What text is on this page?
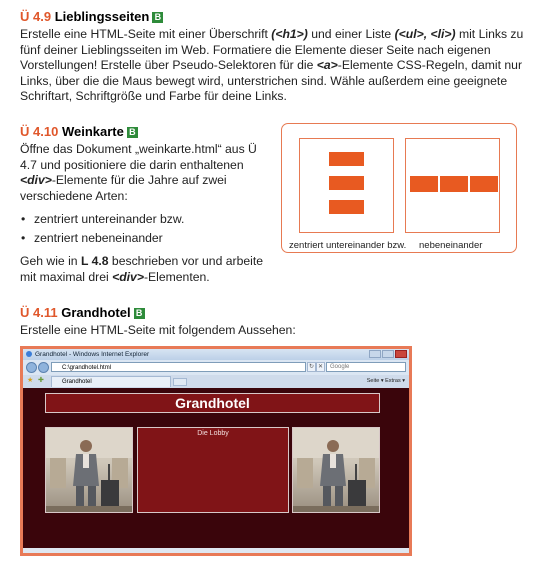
Ü 4.9 Lieblingsseiten B
Erstelle eine HTML-Seite mit einer Überschrift (<h1>) und einer Liste (<ul>, <li>) mit Links zu fünf deiner Lieblingsseiten im Web. Formatiere die Elemente dieser Seite nach eigenen Vorstellungen! Erstelle über Pseudo-Selektoren für die <a>-Elemente CSS-Regeln, damit nur Links, über die die Maus bewegt wird, unterstrichen sind. Wähle außerdem eine geeignete Schriftart, Schriftgröße und Farbe für deine Links.
Ü 4.10 Weinkarte B
Öffne das Dokument „weinkarte.html“ aus Ü 4.7 und positioniere die darin enthaltenen <div>-Elemente für die Jahre auf zwei verschiedene Arten:
• zentriert untereinander bzw.
• zentriert nebeneinander
Geh wie in L 4.8 beschrieben vor und arbeite mit maximal drei <div>-Elementen.
zentriert untereinander bzw. nebeneinander
Ü 4.11 Grandhotel B
Erstelle eine HTML-Seite mit folgendem Aussehen:
Grandhotel - Windows Internet Explorer
C:\grandhotel.html	↻ ✕	Google
★ ✚	Grandhotel	Seite ▾ Extras ▾
Grandhotel
Die Lobby
